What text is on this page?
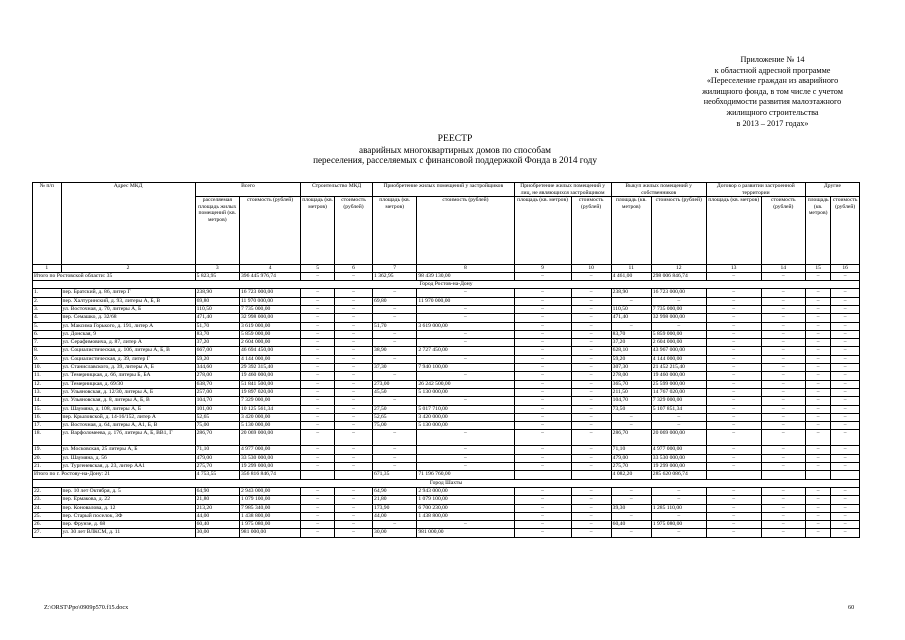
Приложение № 14
к областной адресной программе
«Переселение граждан из аварийного
жилищного фонда, в том числе с учетом
необходимости развития малоэтажного
жилищного строительства
в 2013 – 2017 годах»
РЕЕСТР
аварийных многоквартирных домов по способам
переселения, расселяемых с финансовой поддержкой Фонда в 2014 году
№ п/п	Адрес МКД	Всего		Строительство МКД		Приобретение жилых помещений у застройщиков		Приобретение жилых помещений у лиц, не являющихся застройщиком		Выкуп жилых помещений у собственников		Договор о развитии застроенной территории		Другие	
		расселяемая площадь жилых помещений (кв. метров)	стоимость (рублей)	площадь (кв. метров)	стоимость (рублей)	площадь (кв. метров)	стоимость (рублей)	площадь (кв. метров)	стоимость (рублей)	площадь (кв. метров)	стоимость (рублей)	площадь (кв. метров)	стоимость (рублей)	площадь (кв. метров)	стоимость (рублей)
1	2	3	4	5	6	7	8	9	10	11	12	13	14	15	16
Итого по Ростовской области: 35		5 823,95	396 445 976,74	–	–	1 362,95	98 439 130,00	–	–	4 461,00	298 006 846,74	–	–	–	–
Город Ростов-на-Дону															
1.	пер. Братский, д. 86, литер Г	238,90	16 723 000,00	–	–	–	–	–	–	238,90	16 723 000,00	–	–	–	–
2.	пер. Халтуринский, д. 93, литеры А, Б, В	69,80	11 970 000,00	–	–	69,80	11 970 000,00	–	–	–	–	–	–	–	–
3.	ул. Восточная, д. 70, литеры А, Б	110,50	7 735 000,00	–	–	–	–	–	–	110,50	7 735 000,00	–	–	–	–
4.	пер. Семашко, д. 32/68	471,40	32 998 000,00	–	–	–	–	–	–	471,40	32 998 000,00	–	–	–	–
5.	ул. Максима Горького, д. 191, литер А	51,70	3 619 000,00	–	–	51,70	3 619 000,00	–	–	–	–	–	–	–	–
6.	ул. Донская, 9	83,70	5 859 000,00	–	–	–	–	–	–	83,70	5 859 000,00	–	–	–	–
7.	ул. Серафимовича, д. 87, литер А	37,20	2 604 000,00	–	–	–	–	–	–	37,20	2 604 000,00	–	–	–	–
8.	ул. Социалистическая, д. 106, литеры А, Б, В	667,00	46 694 450,00	–	–	38,90	2 727 450,00	–	–	628,10	43 967 000,00	–	–	–	–
9.	ул. Социалистическая, д. 39, литер Г	59,20	4 144 000,00	–	–	–	–	–	–	59,20	4 144 000,00	–	–	–	–
10.	ул. Станиславского, д. 39, литеры А, Б	344,60	29 392 315,40	–	–	37,30	7 940 100,00	–	–	307,30	21 452 215,40	–	–	–	–
11.	ул. Темерницкая, д. 66, литеры Б, БА	278,00	19 460 000,00	–	–	–	–	–	–	278,00	19 460 000,00	–	–	–	–
12.	ул. Темерницкая, д. 69/30	638,70	51 841 500,00	–	–	273,00	26 242 500,00	–	–	365,70	25 599 000,00	–	–	–	–
13.	ул. Ульяновская, д. 12/30, литеры А, Б	257,00	19 897 020,00	–	–	45,50	5 130 000,00	–	–	211,50	14 767 020,00	–	–	–	–
14.	ул. Ульяновская, д. 8, литеры А, Б, В	104,70	7 329 000,00	–	–	–	–	–	–	104,70	7 329 000,00	–	–	–	–
15.	ул. Шаумяна, д. 108, литеры А, Б	101,00	10 125 561,34	–	–	27,50	5 017 710,00	–	–	73,50	5 107 851,34	–	–	–	–
16.	пер. Крыловской, д. 14-16/152, литер А	52,65	3 420 000,00	–	–	52,65	3 420 000,00	–	–	–	–	–	–	–	–
17.	ул. Восточная, д. 64, литеры А, А1, Б, В	75,00	5 130 000,00	–	–	75,00	5 130 000,00	–	–	–	–	–	–	–	–
18.	ул. Варфоломеева, д. 176, литеры А, Б, ВВ1, Г	286,70	20 069 000,00	–	–	–	–	–	–	286,70	20 069 000,00	–	–	–	–
19.	ул. Московская, 25 литеры А, Б	71,10	4 977 000,00	–	–	–	–	–	–	71,10	4 977 000,00	–	–	–	–
20.	ул. Шаумяна, д. 56	479,00	33 530 000,00	–	–	–	–	–	–	479,00	33 530 000,00	–	–	–	–
21.	ул. Тургеневская, д. 23, литер АА1	275,70	19 299 000,00	–	–	–	–	–	–	275,70	19 299 000,00	–	–	–	–
Итого по г. Ростову-на-Дону: 21		4 753,55	356 816 846,74			671,35	71 196 760,00			4 082,20	285 620 086,74				
Город Шахты															
22.	пер. 10 лет Октября, д. 5	64,90	2 943 000,00	–	–	64,90	2 943 000,00	–	–	–	–	–	–	–	–
23.	пер. Ермакова, д. 22	21,80	1 079 100,00	–	–	21,80	1 079 100,00	–	–	–	–	–	–	–	–
24.	пер. Коновалова, д. 12	213,20	7 985 340,00	–	–	173,90	6 700 230,00	–	–	39,30	1 285 110,00	–	–	–	–
25.	пер. Старый поселок, 3Ф	44,00	1 438 800,00	–	–	44,00	1 438 800,00	–	–	–	–	–	–	–	–
26.	пер. Фрунзе, д. 68	60,40	1 975 080,00	–	–	–	–	–	–	60,40	1 975 080,00	–	–	–	–
27.	ул. 30 лет ВЛКСМ, д. 11	30,00	981 000,00	–	–	30,00	981 000,00	–	–	–	–	–	–	–	–
Z:\ORST\Ppo\0909p570.f15.docx	60
